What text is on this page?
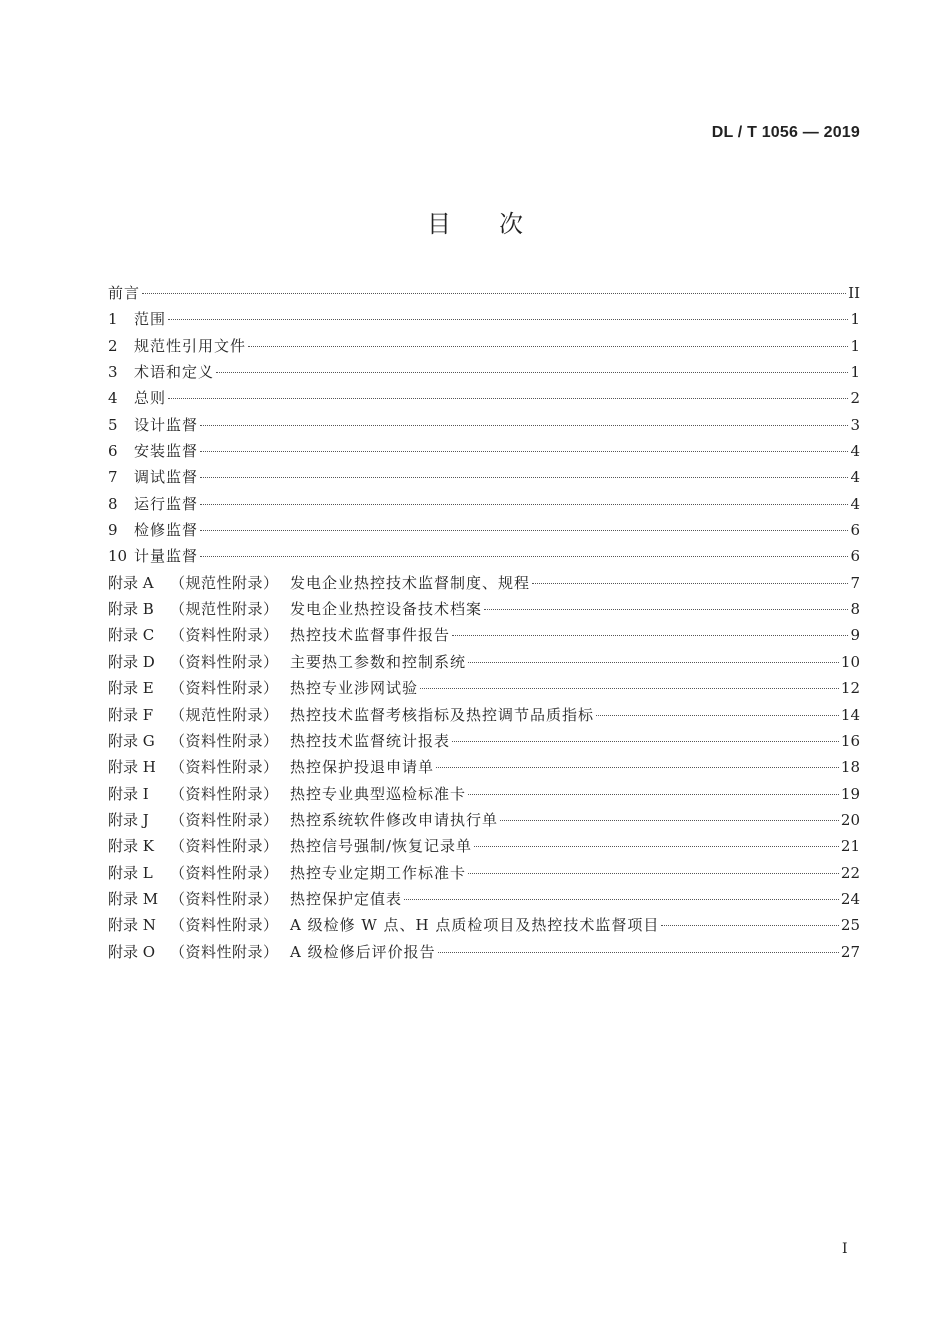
DL / T 1056 — 2019
目 次
前言	II
1	范围	1
2	规范性引用文件	1
3	术语和定义	1
4	总则	2
5	设计监督	3
6	安装监督	4
7	调试监督	4
8	运行监督	4
9	检修监督	6
10 计量监督	6
附录 A	（规范性附录） 发电企业热控技术监督制度、规程	7
附录 B	（规范性附录） 发电企业热控设备技术档案	8
附录 C	（资料性附录） 热控技术监督事件报告	9
附录 D	（资料性附录） 主要热工参数和控制系统	10
附录 E	（资料性附录） 热控专业涉网试验	12
附录 F	（规范性附录） 热控技术监督考核指标及热控调节品质指标	14
附录 G	（资料性附录） 热控技术监督统计报表	16
附录 H （资料性附录） 热控保护投退申请单	18
附录 I	（资料性附录） 热控专业典型巡检标准卡	19
附录 J	（资料性附录） 热控系统软件修改申请执行单	20
附录 K	（资料性附录） 热控信号强制/恢复记录单	21
附录 L	（资料性附录） 热控专业定期工作标准卡	22
附录 M （资料性附录） 热控保护定值表	24
附录 N （资料性附录） A 级检修 W 点、H 点质检项目及热控技术监督项目	25
附录 O （资料性附录） A 级检修后评价报告	27
I
